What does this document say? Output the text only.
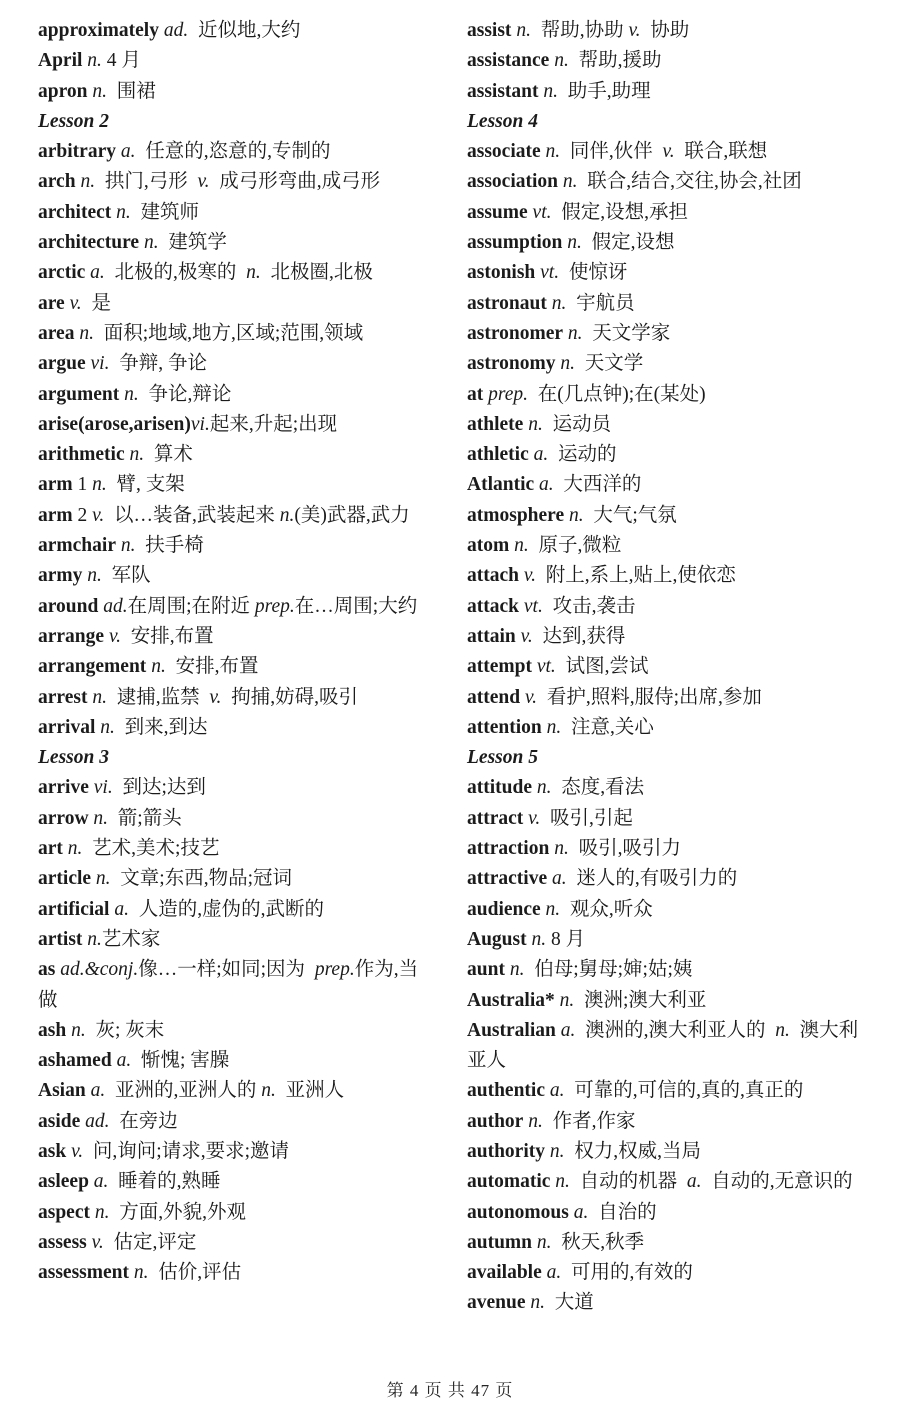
approximately ad.  近似地,大约
April n. 4 月
apron n.  围裙
Lesson 2
arbitrary a.  任意的,恣意的,专制的
arch n.  拱门,弓形  v.  成弓形弯曲,成弓形
architect n.  建筑师
architecture n.  建筑学
arctic a.  北极的,极寒的  n.  北极圈,北极
are v.  是
area n.  面积;地域,地方,区域;范围,领域
argue vi.  争辩, 争论
argument n.  争论,辩论
arise(arose,arisen)vi.起来,升起;出现
arithmetic n.  算术
arm 1 n.  臂, 支架
arm 2 v.  以…装备,武装起来 n.(美)武器,武力
armchair n.  扶手椅
army n.  军队
around ad.在周围;在附近 prep.在…周围;大约
arrange v.  安排,布置
arrangement n.  安排,布置
arrest n.  逮捕,监禁  v.  拘捕,妨碍,吸引
arrival n.  到来,到达
Lesson 3
arrive vi.  到达;达到
arrow n.  箭;箭头
art n.  艺术,美术;技艺
article n.  文章;东西,物品;冠词
artificial a.  人造的,虚伪的,武断的
artist n.艺术家
as ad.&conj.像…一样;如同;因为  prep.作为,当做
ash n.  灰; 灰末
ashamed a.  惭愧; 害臊
Asian a.  亚洲的,亚洲人的 n.  亚洲人
aside ad.  在旁边
ask v.  问,询问;请求,要求;邀请
asleep a.  睡着的,熟睡
aspect n.  方面,外貌,外观
assess v.  估定,评定
assessment n.  估价,评估
assist n.  帮助,协助 v.  协助
assistance n.  帮助,援助
assistant n.  助手,助理
Lesson 4
associate n.  同伴,伙伴  v.  联合,联想
association n.  联合,结合,交往,协会,社团
assume vt.  假定,设想,承担
assumption n.  假定,设想
astonish vt.  使惊讶
astronaut n.  宇航员
astronomer n.  天文学家
astronomy n.  天文学
at prep.  在(几点钟);在(某处)
athlete n.  运动员
athletic a.  运动的
Atlantic a.  大西洋的
atmosphere n.  大气;气氛
atom n.  原子,微粒
attach v.  附上,系上,贴上,使依恋
attack vt.  攻击,袭击
attain v.  达到,获得
attempt vt.  试图,尝试
attend v.  看护,照料,服侍;出席,参加
attention n.  注意,关心
Lesson 5
attitude n.  态度,看法
attract v.  吸引,引起
attraction n.  吸引,吸引力
attractive a.  迷人的,有吸引力的
audience n.  观众,听众
August n. 8 月
aunt n.  伯母;舅母;婶;姑;姨
Australia* n.  澳洲;澳大利亚
Australian a.  澳洲的,澳大利亚人的  n.  澳大利亚人
authentic a.  可靠的,可信的,真的,真正的
author n.  作者,作家
authority n.  权力,权威,当局
automatic n.  自动的机器  a.  自动的,无意识的
autonomous a.  自治的
autumn n.  秋天,秋季
available a.  可用的,有效的
avenue n.  大道
第 4 页 共 47 页
